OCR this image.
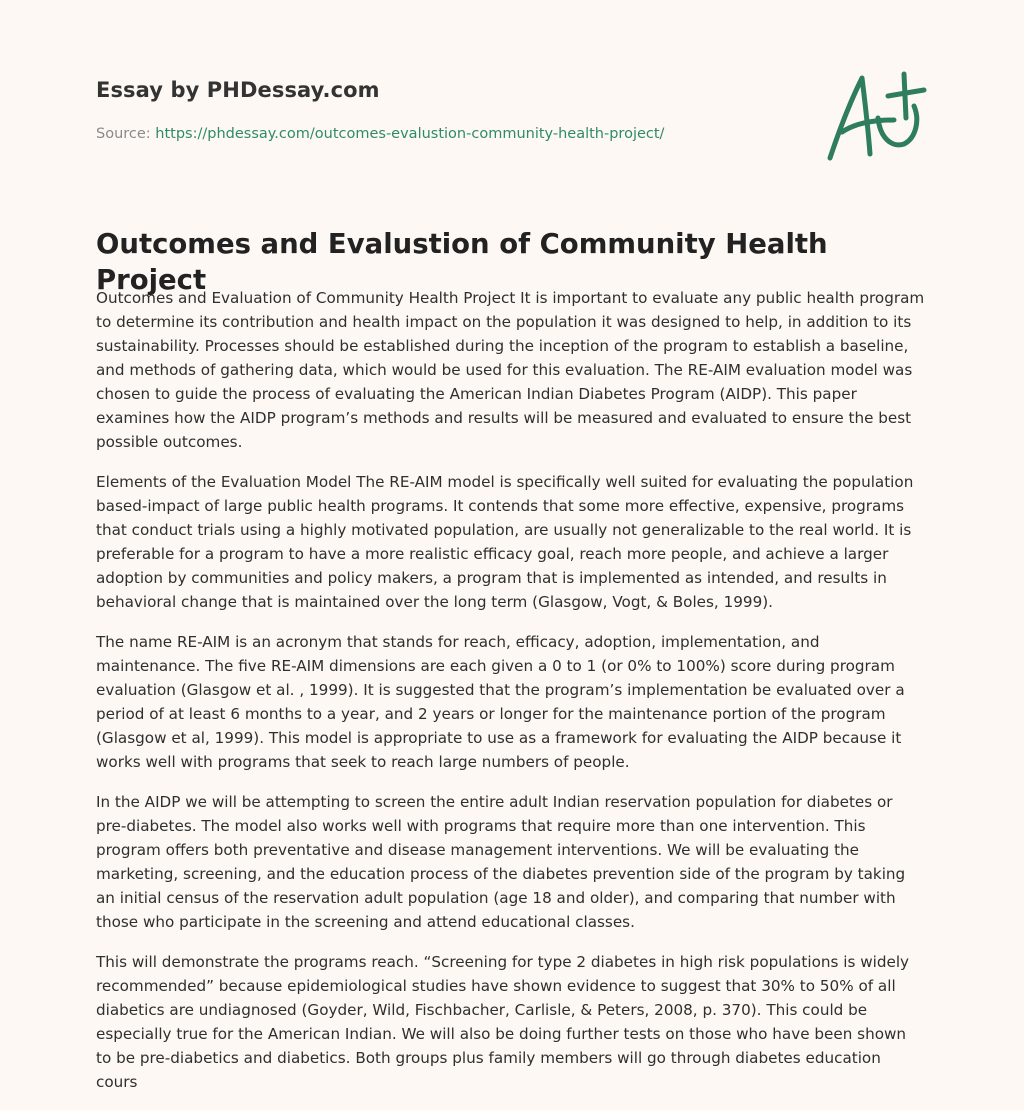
Essay by PHDessay.com
Source: https://phdessay.com/outcomes-evalustion-community-health-project/
Outcomes and Evalustion of Community Health Project

Outcomes and Evaluation of Community Health Project It is important to evaluate any public health program to determine its contribution and health impact on the population it was designed to help, in addition to its sustainability. Processes should be established during the inception of the program to establish a baseline, and methods of gathering data, which would be used for this evaluation. The RE-AIM evaluation model was chosen to guide the process of evaluating the American Indian Diabetes Program (AIDP). This paper examines how the AIDP program’s methods and results will be measured and evaluated to ensure the best possible outcomes.

Elements of the Evaluation Model The RE-AIM model is specifically well suited for evaluating the population based-impact of large public health programs. It contends that some more effective, expensive, programs that conduct trials using a highly motivated population, are usually not generalizable to the real world. It is preferable for a program to have a more realistic efficacy goal, reach more people, and achieve a larger adoption by communities and policy makers, a program that is implemented as intended, and results in behavioral change that is maintained over the long term (Glasgow, Vogt, & Boles, 1999).

The name RE-AIM is an acronym that stands for reach, efficacy, adoption, implementation, and maintenance. The five RE-AIM dimensions are each given a 0 to 1 (or 0% to 100%) score during program evaluation (Glasgow et al. , 1999). It is suggested that the program’s implementation be evaluated over a period of at least 6 months to a year, and 2 years or longer for the maintenance portion of the program (Glasgow et al, 1999). This model is appropriate to use as a framework for evaluating the AIDP because it works well with programs that seek to reach large numbers of people.

In the AIDP we will be attempting to screen the entire adult Indian reservation population for diabetes or pre-diabetes. The model also works well with programs that require more than one intervention. This program offers both preventative and disease management interventions. We will be evaluating the marketing, screening, and the education process of the diabetes prevention side of the program by taking an initial census of the reservation adult population (age 18 and older), and comparing that number with those who participate in the screening and attend educational classes.

This will demonstrate the programs reach. “Screening for type 2 diabetes in high risk populations is widely recommended” because epidemiological studies have shown evidence to suggest that 30% to 50% of all diabetics are undiagnosed (Goyder, Wild, Fischbacher, Carlisle, & Peters, 2008, p. 370). This could be especially true for the American Indian. We will also be doing further tests on those who have been shown to be pre-diabetics and diabetics. Both groups plus family members will go through diabetes education cours
